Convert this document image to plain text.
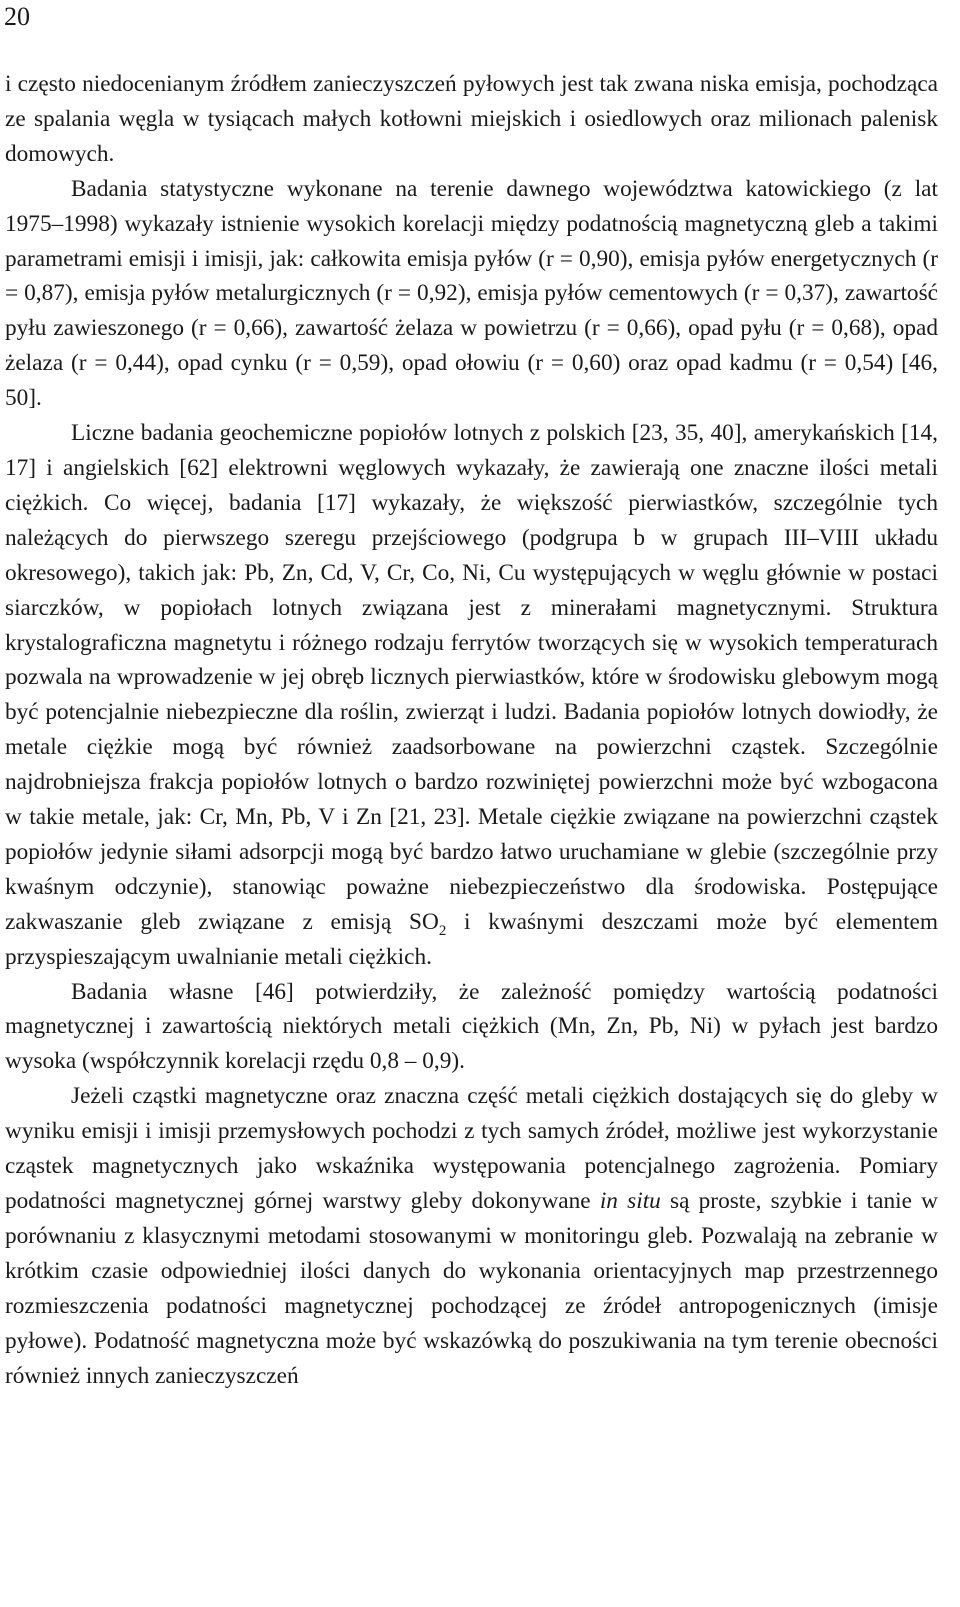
20

i często niedocenianym źródłem zanieczyszczeń pyłowych jest tak zwana niska emisja, pochodząca ze spalania węgla w tysiącach małych kotłowni miejskich i osiedlowych oraz milionach palenisk domowych.

Badania statystyczne wykonane na terenie dawnego województwa katowickiego (z lat 1975–1998) wykazały istnienie wysokich korelacji między podatnością magnetyczną gleb a takimi parametrami emisji i imisji, jak: całkowita emisja pyłów (r = 0,90), emisja pyłów energetycznych (r = 0,87), emisja pyłów metalurgicznych (r = 0,92), emisja pyłów cementowych (r = 0,37), zawartość pyłu zawieszonego (r = 0,66), zawartość żelaza w powietrzu (r = 0,66), opad pyłu (r = 0,68), opad żelaza (r = 0,44), opad cynku (r = 0,59), opad ołowiu (r = 0,60) oraz opad kadmu (r = 0,54) [46, 50].

Liczne badania geochemiczne popiołów lotnych z polskich [23, 35, 40], amerykańskich [14, 17] i angielskich [62] elektrowni węglowych wykazały, że zawierają one znaczne ilości metali ciężkich. Co więcej, badania [17] wykazały, że większość pierwiastków, szczególnie tych należących do pierwszego szeregu przejściowego (podgrupa b w grupach III–VIII układu okresowego), takich jak: Pb, Zn, Cd, V, Cr, Co, Ni, Cu występujących w węglu głównie w postaci siarczków, w popiołach lotnych związana jest z minerałami magnetycznymi. Struktura krystalograficzna magnetytu i różnego rodzaju ferrytów tworzących się w wysokich temperaturach pozwala na wprowadzenie w jej obręb licznych pierwiastków, które w środowisku glebowym mogą być potencjalnie niebezpieczne dla roślin, zwierząt i ludzi. Badania popiołów lotnych dowiodły, że metale ciężkie mogą być również zaadsorbowane na powierzchni cząstek. Szczególnie najdrobniejsza frakcja popiołów lotnych o bardzo rozwiniętej powierzchni może być wzbogacona w takie metale, jak: Cr, Mn, Pb, V i Zn [21, 23]. Metale ciężkie związane na powierzchni cząstek popiołów jedynie siłami adsorpcji mogą być bardzo łatwo uruchamiane w glebie (szczególnie przy kwaśnym odczynie), stanowiąc poważne niebezpieczeństwo dla środowiska. Postępujące zakwaszanie gleb związane z emisją $SO_2$ i kwaśnymi deszczami może być elementem przyspieszającym uwalnianie metali ciężkich.

Badania własne [46] potwierdziły, że zależność pomiędzy wartością podatności magnetycznej i zawartością niektórych metali ciężkich (Mn, Zn, Pb, Ni) w pyłach jest bardzo wysoka (współczynnik korelacji rzędu 0,8 – 0,9).

Jeżeli cząstki magnetyczne oraz znaczna część metali ciężkich dostających się do gleby w wyniku emisji i imisji przemysłowych pochodzi z tych samych źródeł, możliwe jest wykorzystanie cząstek magnetycznych jako wskaźnika występowania potencjalnego zagrożenia. Pomiary podatności magnetycznej górnej warstwy gleby dokonywane in situ są proste, szybkie i tanie w porównaniu z klasycznymi metodami stosowanymi w monitoringu gleb. Pozwalają na zebranie w krótkim czasie odpowiedniej ilości danych do wykonania orientacyjnych map przestrzennego rozmieszczenia podatności magnetycznej pochodzącej ze źródeł antropogenicznych (imisje pyłowe). Podatność magnetyczna może być wskazówką do poszukiwania na tym terenie obecności również innych zanieczyszczeń
